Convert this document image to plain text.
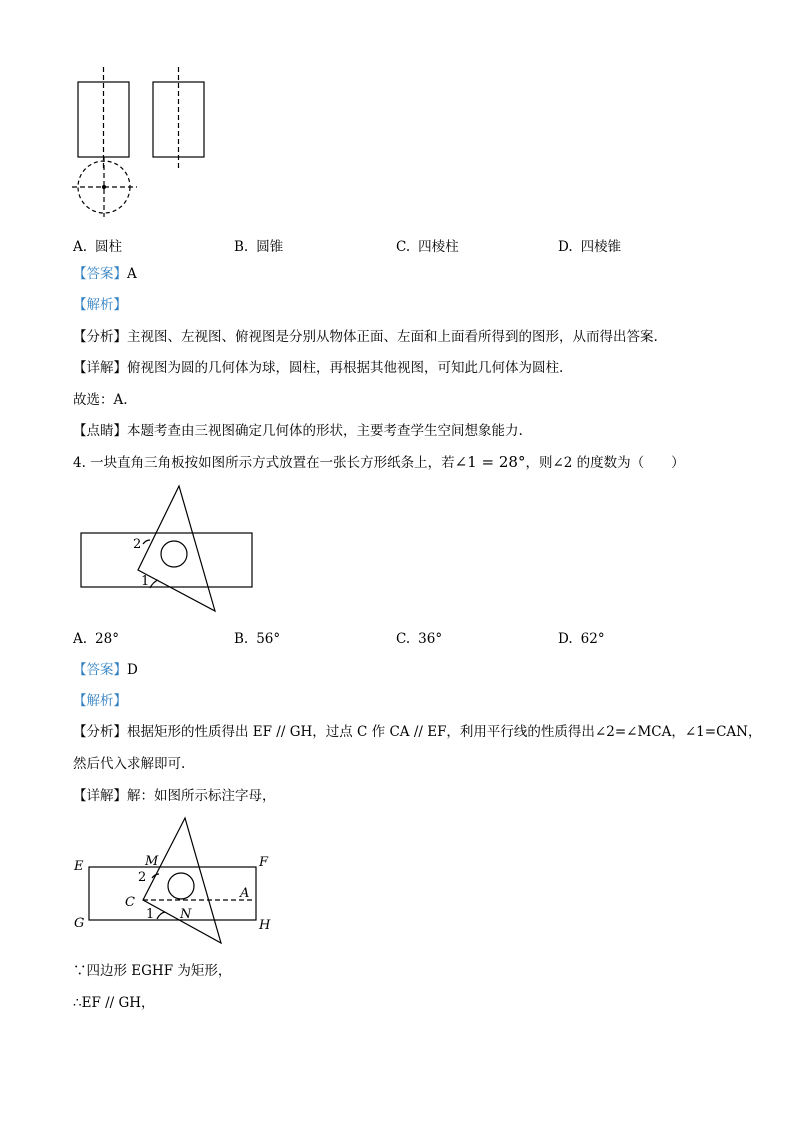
A. 圆柱	B. 圆锥	C. 四棱柱	D. 四棱锥
【答案】A
【解析】
【分析】主视图、左视图、俯视图是分别从物体正面、左面和上面看所得到的图形，从而得出答案.
【详解】俯视图为圆的几何体为球，圆柱，再根据其他视图，可知此几何体为圆柱.
故选：A.
【点睛】本题考查由三视图确定几何体的形状，主要考查学生空间想象能力.
4. 一块直角三角板按如图所示方式放置在一张长方形纸条上，若∠1 = 28°，则∠2 的度数为（　　）
2
1
A. 28°	B. 56°	C. 36°	D. 62°
【答案】D
【解析】
【分析】根据矩形的性质得出 EF // GH，过点 C 作 CA // EF，利用平行线的性质得出∠2=∠MCA，∠1=CAN，
然后代入求解即可.
【详解】解：如图所示标注字母，
E	F
G	H
M
C
A
N
2
1
∵四边形 EGHF 为矩形，
∴EF // GH，
